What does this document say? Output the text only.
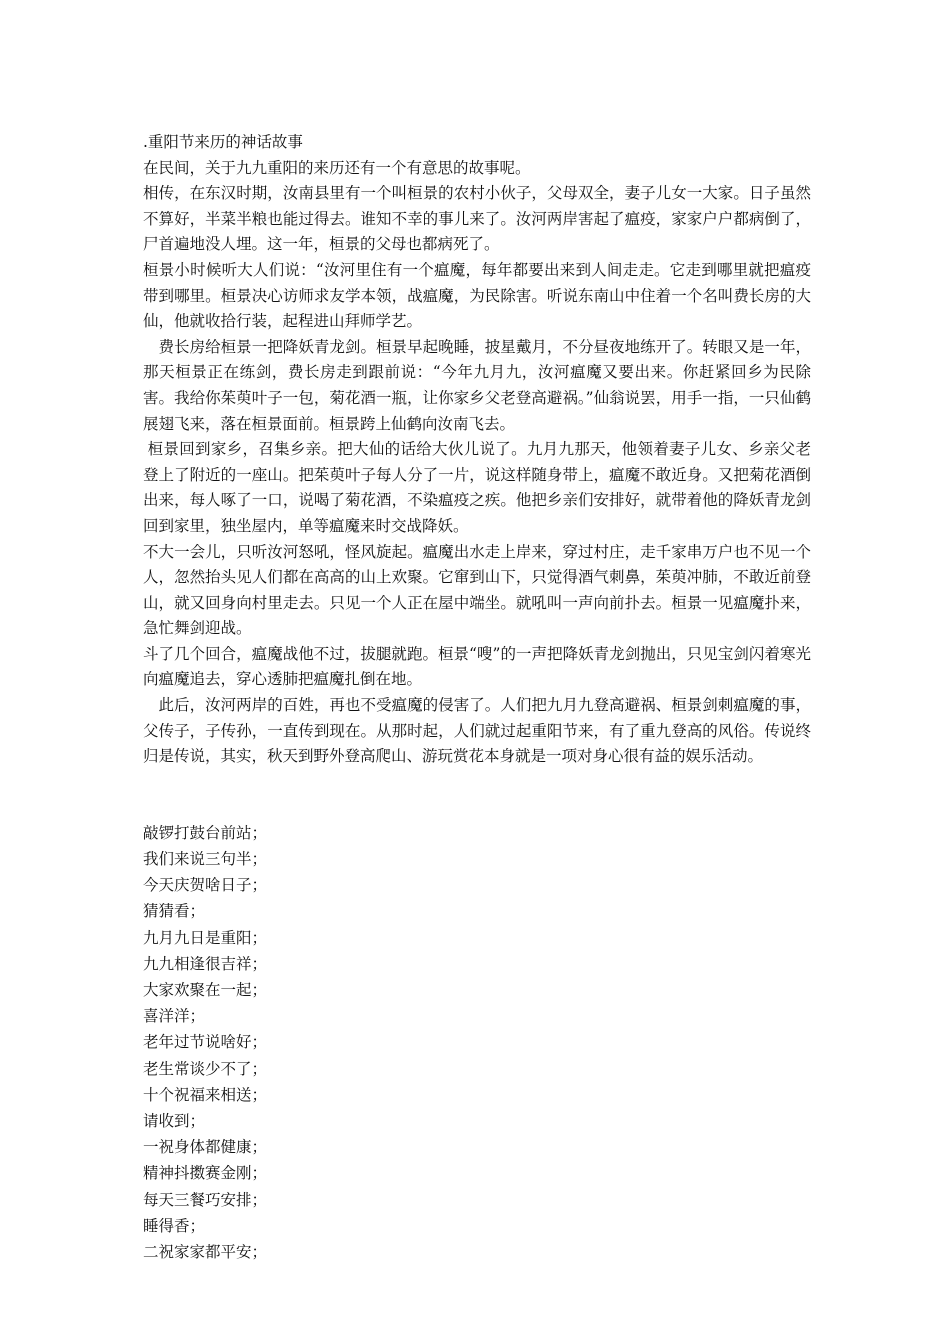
.重阳节来历的神话故事

在民间，关于九九重阳的来历还有一个有意思的故事呢。

相传，在东汉时期，汝南县里有一个叫桓景的农村小伙子，父母双全，妻子儿女一大家。日子虽然不算好，半菜半粮也能过得去。谁知不幸的事儿来了。汝河两岸害起了瘟疫，家家户户都病倒了，尸首遍地没人埋。这一年，桓景的父母也都病死了。

桓景小时候听大人们说：“汝河里住有一个瘟魔，每年都要出来到人间走走。它走到哪里就把瘟疫带到哪里。桓景决心访师求友学本领，战瘟魔，为民除害。听说东南山中住着一个名叫费长房的大仙，他就收拾行装，起程进山拜师学艺。

费长房给桓景一把降妖青龙剑。桓景早起晚睡，披星戴月，不分昼夜地练开了。转眼又是一年，那天桓景正在练剑，费长房走到跟前说：“今年九月九，汝河瘟魔又要出来。你赶紧回乡为民除害。我给你茱萸叶子一包，菊花酒一瓶，让你家乡父老登高避祸。”仙翁说罢，用手一指，一只仙鹤展翅飞来，落在桓景面前。桓景跨上仙鹤向汝南飞去。

桓景回到家乡，召集乡亲。把大仙的话给大伙儿说了。九月九那天，他领着妻子儿女、乡亲父老登上了附近的一座山。把茱萸叶子每人分了一片，说这样随身带上，瘟魔不敢近身。又把菊花酒倒出来，每人啄了一口，说喝了菊花酒，不染瘟疫之疾。他把乡亲们安排好，就带着他的降妖青龙剑回到家里，独坐屋内，单等瘟魔来时交战降妖。

不大一会儿，只听汝河怒吼，怪风旋起。瘟魔出水走上岸来，穿过村庄，走千家串万户也不见一个人，忽然抬头见人们都在高高的山上欢聚。它窜到山下，只觉得酒气刺鼻，茱萸冲肺，不敢近前登山，就又回身向村里走去。只见一个人正在屋中端坐。就吼叫一声向前扑去。桓景一见瘟魔扑来，急忙舞剑迎战。

斗了几个回合，瘟魔战他不过，拔腿就跑。桓景“嗖”的一声把降妖青龙剑抛出，只见宝剑闪着寒光向瘟魔追去，穿心透肺把瘟魔扎倒在地。

此后，汝河两岸的百姓，再也不受瘟魔的侵害了。人们把九月九登高避祸、桓景剑刺瘟魔的事，父传子，子传孙，一直传到现在。从那时起，人们就过起重阳节来，有了重九登高的风俗。传说终归是传说，其实，秋天到野外登高爬山、游玩赏花本身就是一项对身心很有益的娱乐活动。

敲锣打鼓台前站；

我们来说三句半；

今天庆贺啥日子；

猜猜看；

九月九日是重阳；

九九相逢很吉祥；

大家欢聚在一起；

喜洋洋；

老年过节说啥好；

老生常谈少不了；

十个祝福来相送；

请收到；

一祝身体都健康；

精神抖擞赛金刚；

每天三餐巧安排；

睡得香；

二祝家家都平安；
